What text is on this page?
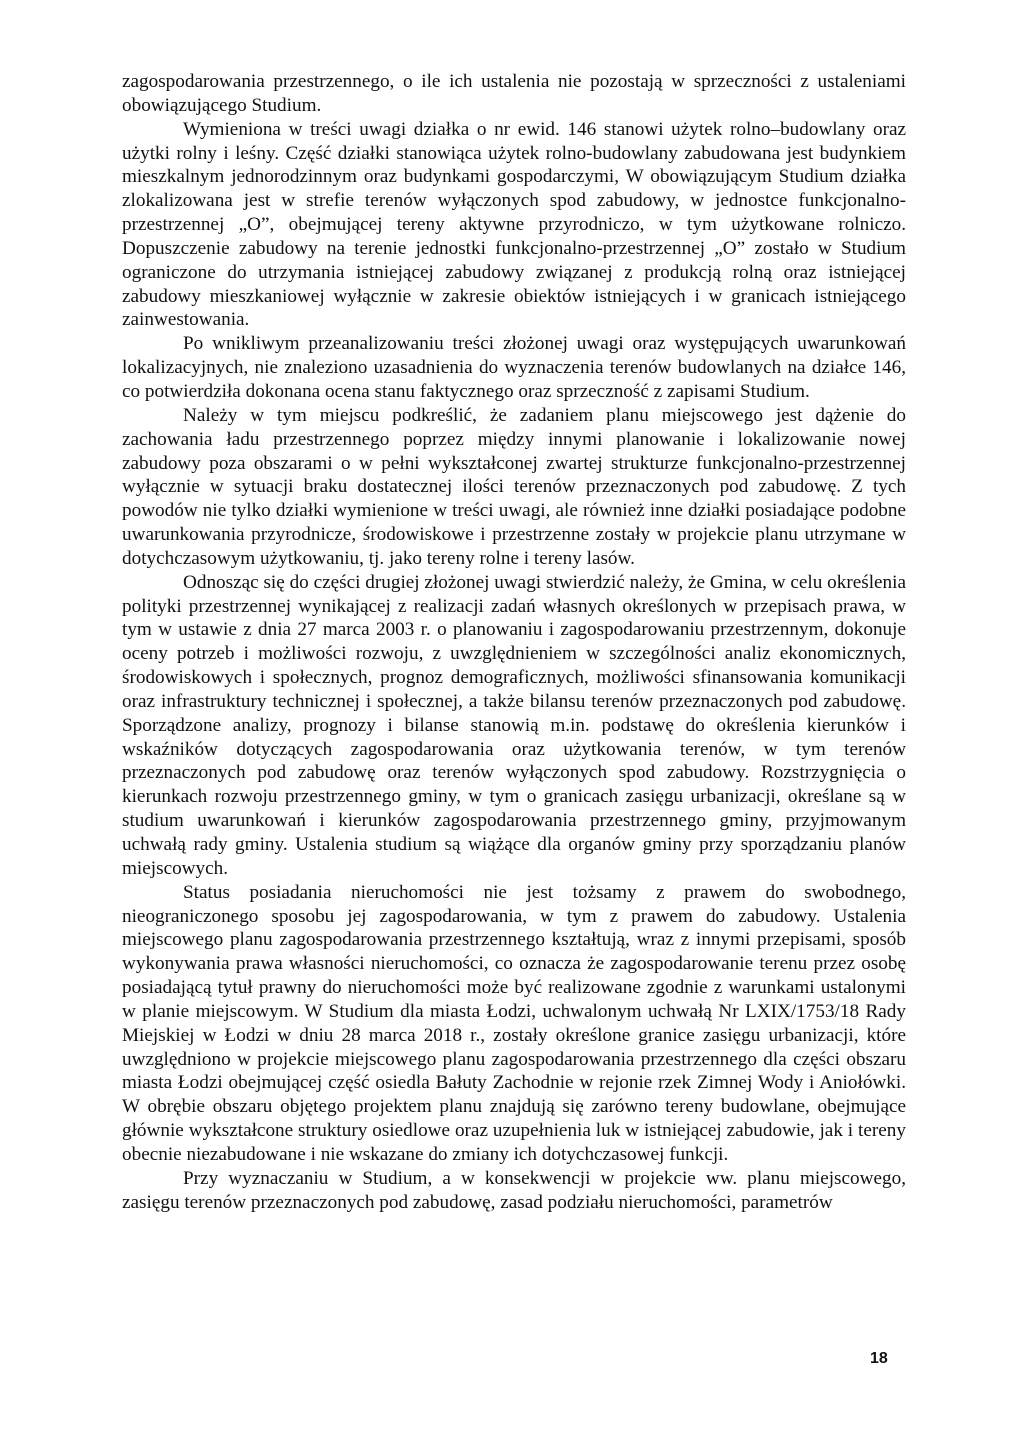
zagospodarowania przestrzennego, o ile ich ustalenia nie pozostają w sprzeczności z ustaleniami obowiązującego Studium.

Wymieniona w treści uwagi działka o nr ewid. 146 stanowi użytek rolno–budowlany oraz użytki rolny i leśny. Część działki stanowiąca użytek rolno-budowlany zabudowana jest budynkiem mieszkalnym jednorodzinnym oraz budynkami gospodarczymi, W obowiązującym Studium działka zlokalizowana jest w strefie terenów wyłączonych spod zabudowy, w jednostce funkcjonalno-przestrzennej „O”, obejmującej tereny aktywne przyrodniczo, w tym użytkowane rolniczo. Dopuszczenie zabudowy na terenie jednostki funkcjonalno-przestrzennej „O” zostało w Studium ograniczone do utrzymania istniejącej zabudowy związanej z produkcją rolną oraz istniejącej zabudowy mieszkaniowej wyłącznie w zakresie obiektów istniejących i w granicach istniejącego zainwestowania.

Po wnikliwym przeanalizowaniu treści złożonej uwagi oraz występujących uwarunkowań lokalizacyjnych, nie znaleziono uzasadnienia do wyznaczenia terenów budowlanych na działce 146, co potwierdziła dokonana ocena stanu faktycznego oraz sprzeczność z zapisami Studium.

Należy w tym miejscu podkreślić, że zadaniem planu miejscowego jest dążenie do zachowania ładu przestrzennego poprzez między innymi planowanie i lokalizowanie nowej zabudowy poza obszarami o w pełni wykształconej zwartej strukturze funkcjonalno-przestrzennej wyłącznie w sytuacji braku dostatecznej ilości terenów przeznaczonych pod zabudowę. Z tych powodów nie tylko działki wymienione w treści uwagi, ale również inne działki posiadające podobne uwarunkowania przyrodnicze, środowiskowe i przestrzenne zostały w projekcie planu utrzymane w dotychczasowym użytkowaniu, tj. jako tereny rolne i tereny lasów.

Odnosząc się do części drugiej złożonej uwagi stwierdzić należy, że Gmina, w celu określenia polityki przestrzennej wynikającej z realizacji zadań własnych określonych w przepisach prawa, w tym w ustawie z dnia 27 marca 2003 r. o planowaniu i zagospodarowaniu przestrzennym, dokonuje oceny potrzeb i możliwości rozwoju, z uwzględnieniem w szczególności analiz ekonomicznych, środowiskowych i społecznych, prognoz demograficznych, możliwości sfinansowania komunikacji oraz infrastruktury technicznej i społecznej, a także bilansu terenów przeznaczonych pod zabudowę. Sporządzone analizy, prognozy i bilanse stanowią m.in. podstawę do określenia kierunków i wskaźników dotyczących zagospodarowania oraz użytkowania terenów, w tym terenów przeznaczonych pod zabudowę oraz terenów wyłączonych spod zabudowy. Rozstrzygnięcia o kierunkach rozwoju przestrzennego gminy, w tym o granicach zasięgu urbanizacji, określane są w studium uwarunkowań i kierunków zagospodarowania przestrzennego gminy, przyjmowanym uchwałą rady gminy. Ustalenia studium są wiążące dla organów gminy przy sporządzaniu planów miejscowych.

Status posiadania nieruchomości nie jest tożsamy z prawem do swobodnego, nieograniczonego sposobu jej zagospodarowania, w tym z prawem do zabudowy. Ustalenia miejscowego planu zagospodarowania przestrzennego kształtują, wraz z innymi przepisami, sposób wykonywania prawa własności nieruchomości, co oznacza że zagospodarowanie terenu przez osobę posiadającą tytuł prawny do nieruchomości może być realizowane zgodnie z warunkami ustalonymi w planie miejscowym. W Studium dla miasta Łodzi, uchwalonym uchwałą Nr LXIX/1753/18 Rady Miejskiej w Łodzi w dniu 28 marca 2018 r., zostały określone granice zasięgu urbanizacji, które uwzględniono w projekcie miejscowego planu zagospodarowania przestrzennego dla części obszaru miasta Łodzi obejmującej część osiedla Bałuty Zachodnie w rejonie rzek Zimnej Wody i Aniołówki. W obrębie obszaru objętego projektem planu znajdują się zarówno tereny budowlane, obejmujące głównie wykształcone struktury osiedlowe oraz uzupełnienia luk w istniejącej zabudowie, jak i tereny obecnie niezabudowane i nie wskazane do zmiany ich dotychczasowej funkcji.

Przy wyznaczaniu w Studium, a w konsekwencji w projekcie ww. planu miejscowego, zasięgu terenów przeznaczonych pod zabudowę, zasad podziału nieruchomości, parametrów

18
